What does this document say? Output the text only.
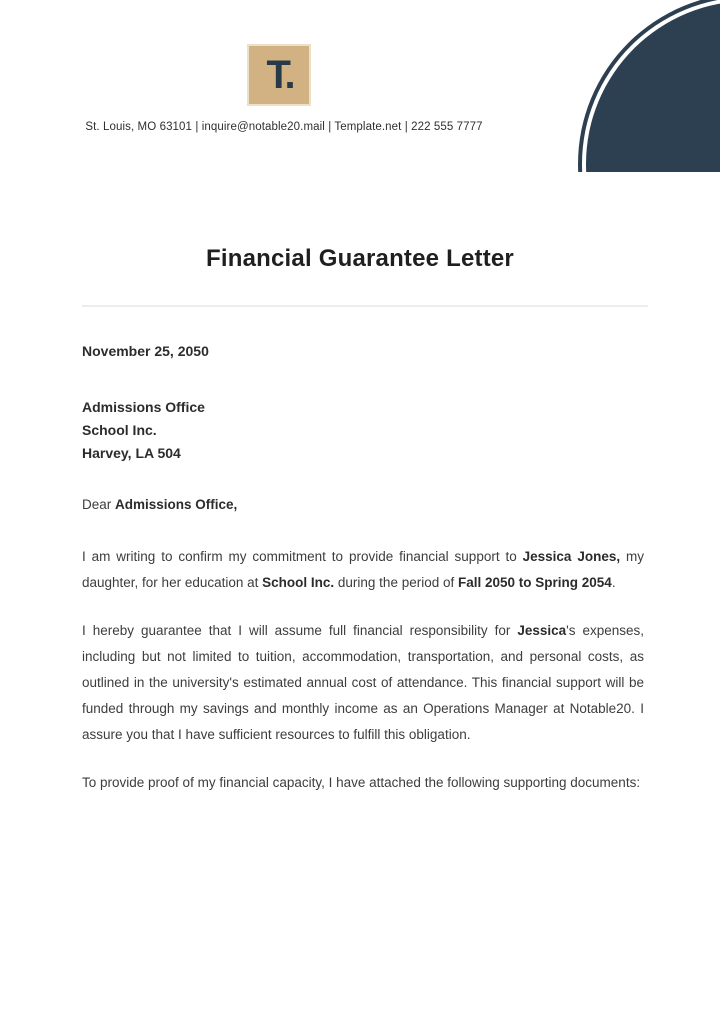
T.
St. Louis, MO 63101 | inquire@notable20.mail | Template.net | 222 555 7777
Financial Guarantee Letter
November 25, 2050
Admissions Office
School Inc.
Harvey, LA 504
Dear Admissions Office,

I am writing to confirm my commitment to provide financial support to Jessica Jones, my daughter, for her education at School Inc. during the period of Fall 2050 to Spring 2054.

I hereby guarantee that I will assume full financial responsibility for Jessica's expenses, including but not limited to tuition, accommodation, transportation, and personal costs, as outlined in the university's estimated annual cost of attendance. This financial support will be funded through my savings and monthly income as an Operations Manager at Notable20. I assure you that I have sufficient resources to fulfill this obligation.

To provide proof of my financial capacity, I have attached the following supporting documents:
